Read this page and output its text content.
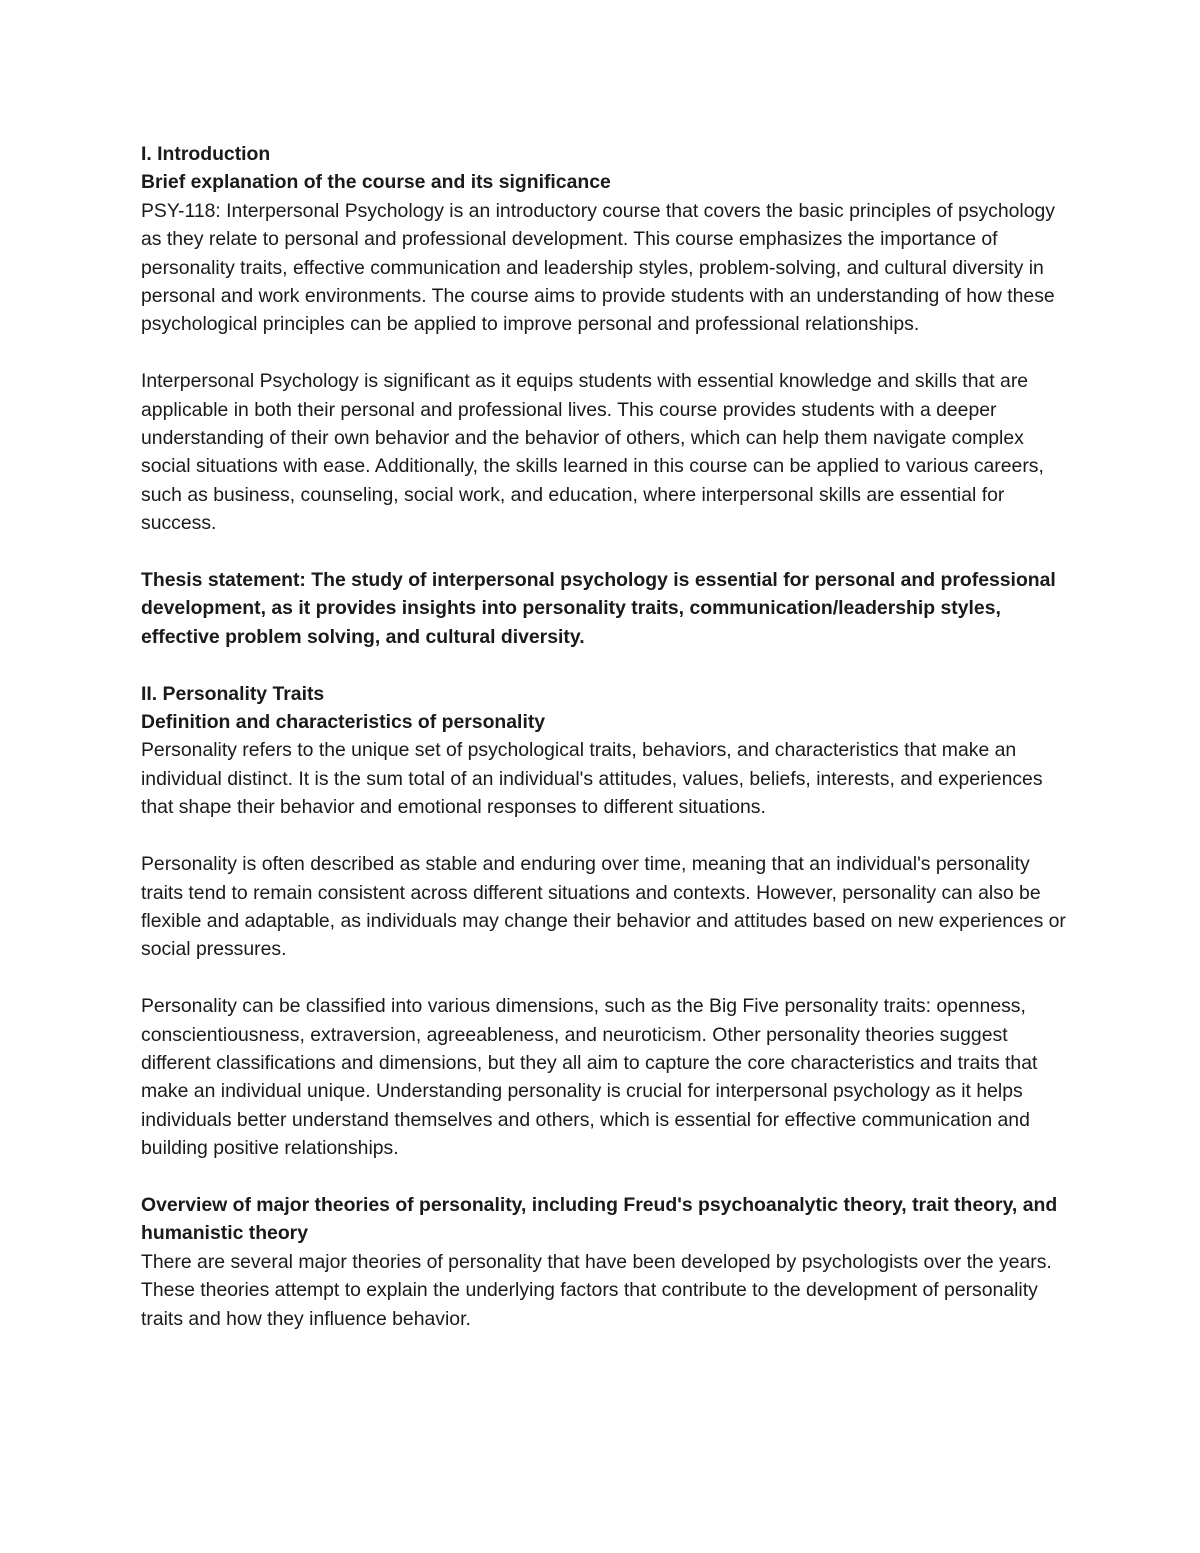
I. Introduction

Brief explanation of the course and its significance

PSY-118: Interpersonal Psychology is an introductory course that covers the basic principles of psychology as they relate to personal and professional development. This course emphasizes the importance of personality traits, effective communication and leadership styles, problem-solving, and cultural diversity in personal and work environments. The course aims to provide students with an understanding of how these psychological principles can be applied to improve personal and professional relationships.

Interpersonal Psychology is significant as it equips students with essential knowledge and skills that are applicable in both their personal and professional lives. This course provides students with a deeper understanding of their own behavior and the behavior of others, which can help them navigate complex social situations with ease. Additionally, the skills learned in this course can be applied to various careers, such as business, counseling, social work, and education, where interpersonal skills are essential for success.

Thesis statement: The study of interpersonal psychology is essential for personal and professional development, as it provides insights into personality traits, communication/leadership styles, effective problem solving, and cultural diversity.

II. Personality Traits

Definition and characteristics of personality

Personality refers to the unique set of psychological traits, behaviors, and characteristics that make an individual distinct. It is the sum total of an individual's attitudes, values, beliefs, interests, and experiences that shape their behavior and emotional responses to different situations.

Personality is often described as stable and enduring over time, meaning that an individual's personality traits tend to remain consistent across different situations and contexts. However, personality can also be flexible and adaptable, as individuals may change their behavior and attitudes based on new experiences or social pressures.

Personality can be classified into various dimensions, such as the Big Five personality traits: openness, conscientiousness, extraversion, agreeableness, and neuroticism. Other personality theories suggest different classifications and dimensions, but they all aim to capture the core characteristics and traits that make an individual unique. Understanding personality is crucial for interpersonal psychology as it helps individuals better understand themselves and others, which is essential for effective communication and building positive relationships.

Overview of major theories of personality, including Freud's psychoanalytic theory, trait theory, and humanistic theory

There are several major theories of personality that have been developed by psychologists over the years. These theories attempt to explain the underlying factors that contribute to the development of personality traits and how they influence behavior.
